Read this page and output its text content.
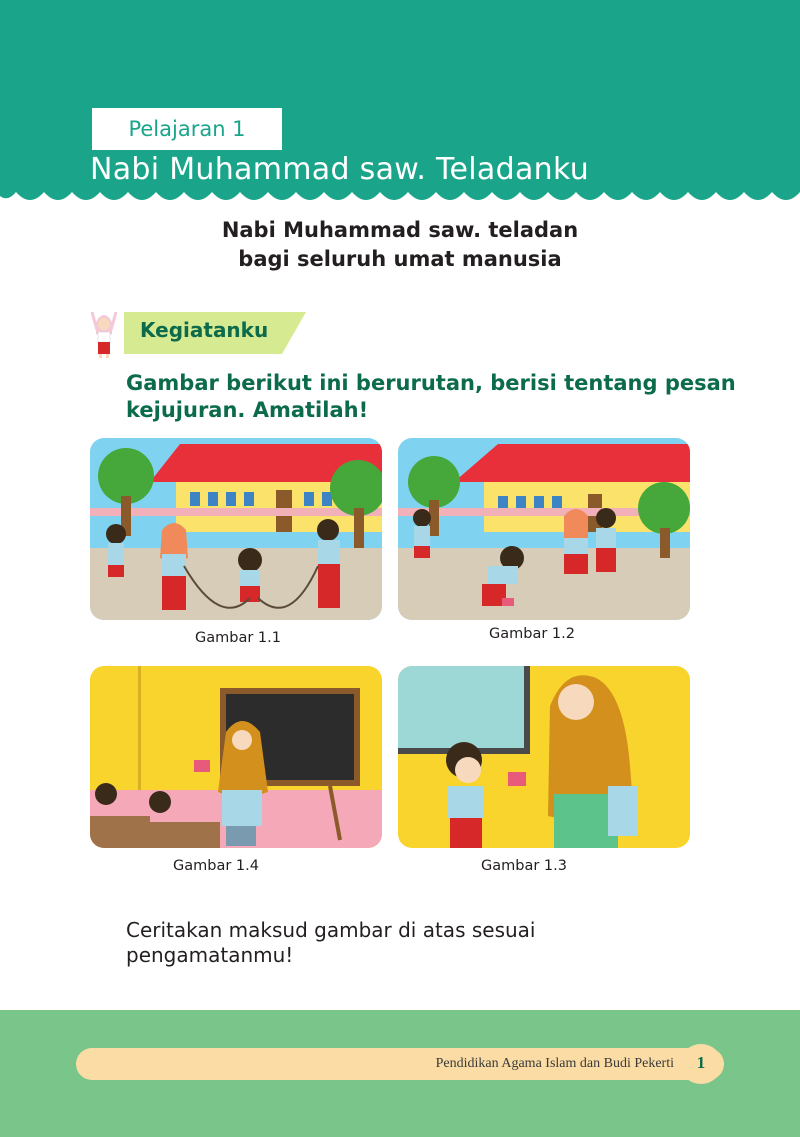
Pelajaran 1
Nabi Muhammad saw. Teladanku
Nabi Muhammad saw. teladan
bagi seluruh umat manusia
Kegiatanku
Gambar berikut ini berurutan, berisi tentang pesan kejujuran. Amatilah!
Gambar 1.1	Gambar 1.2
Gambar 1.4	Gambar 1.3
Ceritakan maksud gambar di atas sesuai pengamatanmu!
Pendidikan Agama Islam dan Budi Pekerti	1
